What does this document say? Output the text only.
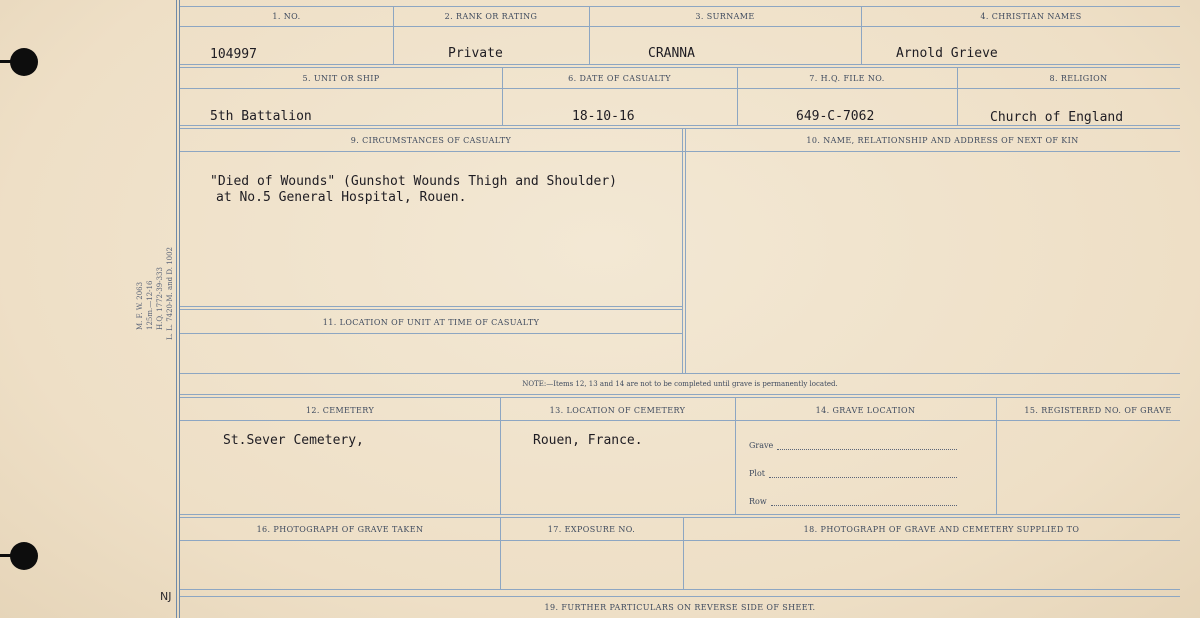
M. F. W. 2063 125m.—12-16 H.Q. 1772-39-333 L. L. 7420-M. and D. 1002
NJ
1. NO.	2. RANK OR RATING	3. SURNAME	4. CHRISTIAN NAMES
104997	Private	CRANNA	Arnold Grieve
5. UNIT OR SHIP	6. DATE OF CASUALTY	7. H.Q. FILE NO.	8. RELIGION
5th Battalion	18-10-16	649-C-7062	Church of England
9. CIRCUMSTANCES OF CASUALTY	10. NAME, RELATIONSHIP AND ADDRESS OF NEXT OF KIN
"Died of Wounds" (Gunshot Wounds Thigh and Shoulder)
at No.5 General Hospital, Rouen.
11. LOCATION OF UNIT AT TIME OF CASUALTY
NOTE:—Items 12, 13 and 14 are not to be completed until grave is permanently located.
12. CEMETERY	13. LOCATION OF CEMETERY	14. GRAVE LOCATION	15. REGISTERED NO. OF GRAVE
St.Sever Cemetery,	Rouen, France.	Grave
Plot
Row
16. PHOTOGRAPH OF GRAVE TAKEN	17. EXPOSURE NO.	18. PHOTOGRAPH OF GRAVE AND CEMETERY SUPPLIED TO
19. FURTHER PARTICULARS ON REVERSE SIDE OF SHEET.
